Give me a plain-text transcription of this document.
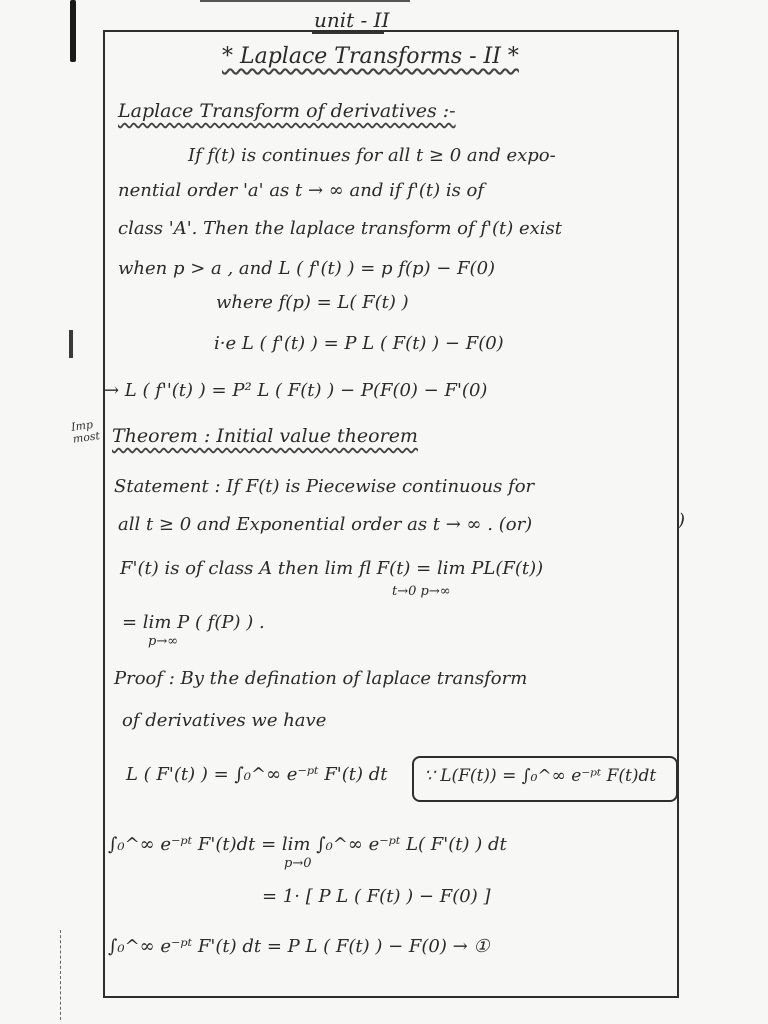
unit - II
Imp
most
* Laplace Transforms - II *
Laplace Transform of derivatives :-
If f(t) is continues for all t ≥ 0 and expo-
nential order 'a' as t → ∞ and if f'(t) is of
class 'A'. Then the laplace transform of f'(t) exist
when p > a , and L ( f'(t) ) = p f(p) − F(0)
where f(p) = L( F(t) )
i·e L ( f'(t) ) = P L ( F(t) ) − F(0)
→ L ( f''(t) ) = P² L ( F(t) ) − P(F(0) − F'(0)
Theorem : Initial value theorem
Statement : If F(t) is Piecewise continuous for
all t ≥ 0 and Exponential order as t → ∞ . (or)
F'(t) is of class A then lim fl F(t) = lim PL(F(t))
t→0 p→∞
= lim P ( f(P) ) .
p→∞
Proof : By the defination of laplace transform
of derivatives we have
L ( F'(t) ) = ∫₀^∞ e⁻ᵖᵗ F'(t) dt ∵ L(F(t)) = ∫₀^∞ e⁻ᵖᵗ F(t)dt
∫₀^∞ e⁻ᵖᵗ F'(t)dt = lim ∫₀^∞ e⁻ᵖᵗ L( F'(t) ) dt
p→0
= 1· [ P L ( F(t) ) − F(0) ]
∫₀^∞ e⁻ᵖᵗ F'(t) dt = P L ( F(t) ) − F(0) → ①
)
